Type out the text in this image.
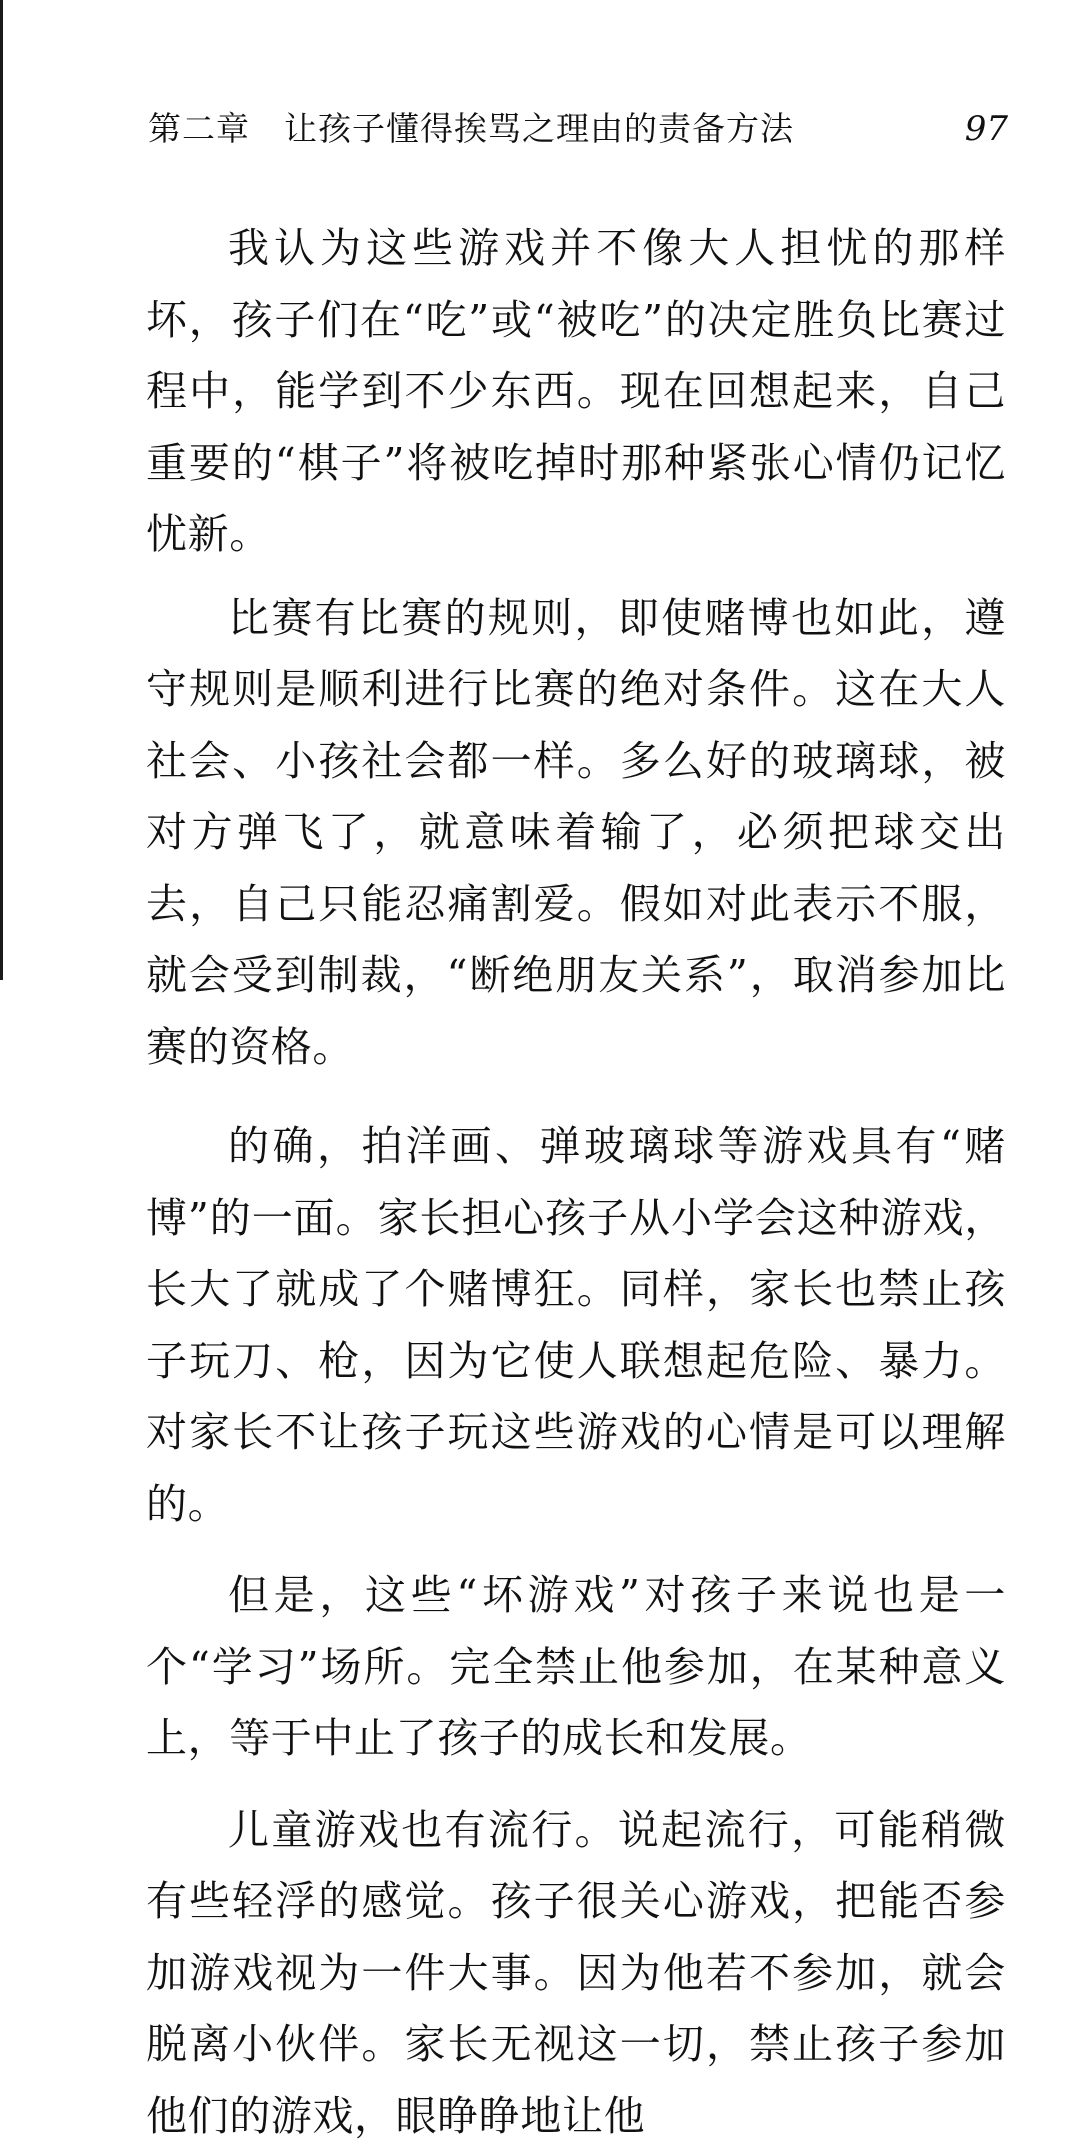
第二章　让孩子懂得挨骂之理由的责备方法	97

我认为这些游戏并不像大人担忧的那样坏，孩子们在“吃”或“被吃”的决定胜负比赛过程中，能学到不少东西。现在回想起来，自己重要的“棋子”将被吃掉时那种紧张心情仍记忆忧新。

比赛有比赛的规则，即使赌博也如此，遵守规则是顺利进行比赛的绝对条件。这在大人社会、小孩社会都一样。多么好的玻璃球，被对方弹飞了，就意味着输了，必须把球交出去，自己只能忍痛割爱。假如对此表示不服，就会受到制裁，“断绝朋友关系”，取消参加比赛的资格。

的确，拍洋画、弹玻璃球等游戏具有“赌博”的一面。家长担心孩子从小学会这种游戏，长大了就成了个赌博狂。同样，家长也禁止孩子玩刀、枪，因为它使人联想起危险、暴力。对家长不让孩子玩这些游戏的心情是可以理解的。

但是，这些“坏游戏”对孩子来说也是一个“学习”场所。完全禁止他参加，在某种意义上，等于中止了孩子的成长和发展。

儿童游戏也有流行。说起流行，可能稍微有些轻浮的感觉。孩子很关心游戏，把能否参加游戏视为一件大事。因为他若不参加，就会脱离小伙伴。家长无视这一切，禁止孩子参加他们的游戏，眼睁睁地让他
